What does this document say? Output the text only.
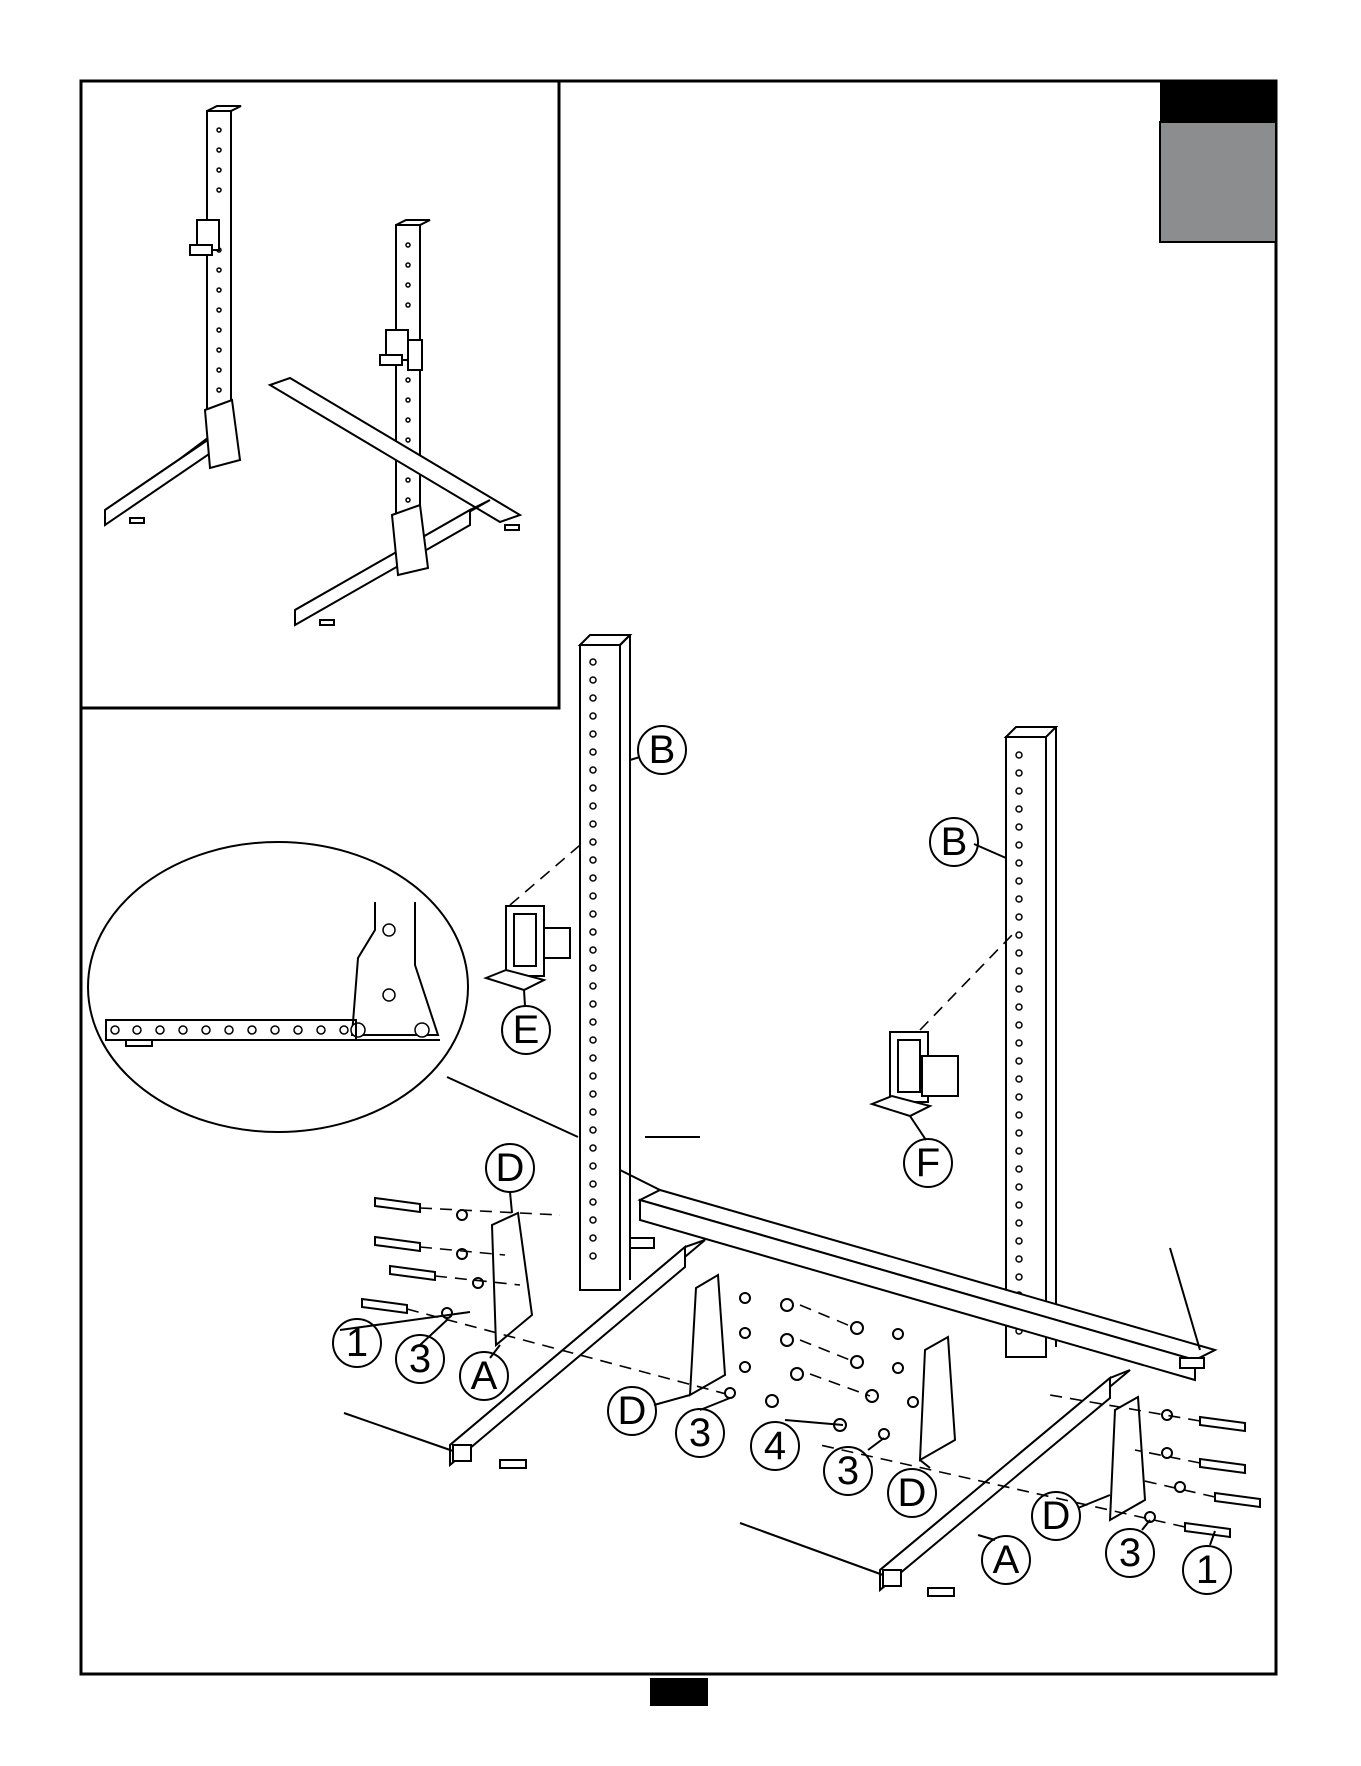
B
B
E
F
D
D
D
D
A
A
1
1
3
3
3
3
4
